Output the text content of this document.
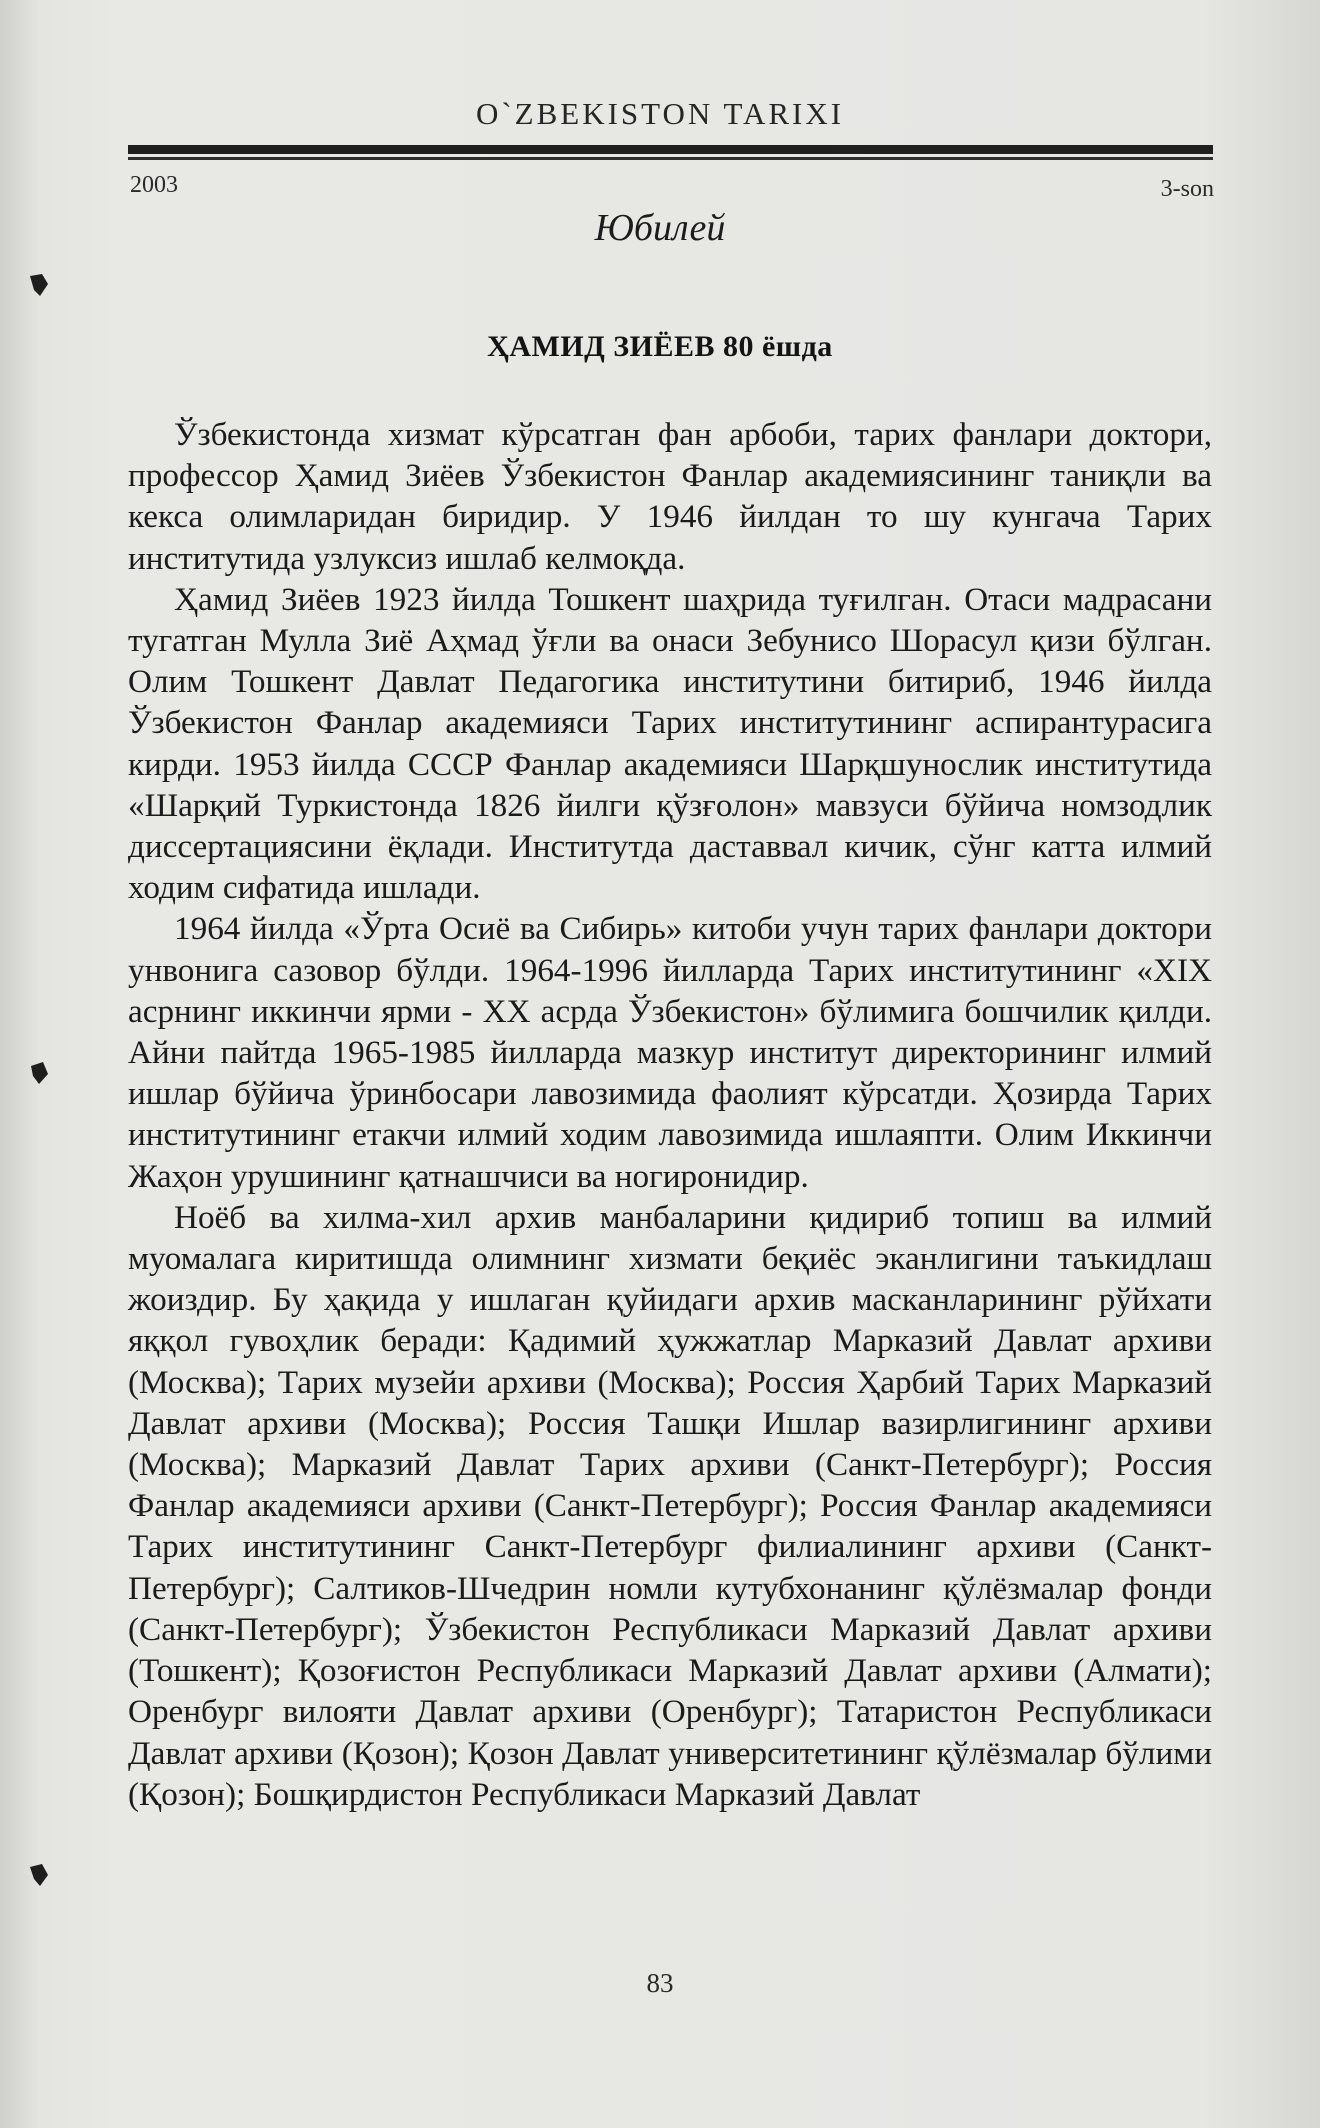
O`ZBEKISTON TARIXI
2003	3-son
Юбилей
ҲАМИД ЗИЁЕВ 80 ёшда

Ўзбекистонда хизмат кўрсатган фан арбоби, тарих фанлари доктори, профессор Ҳамид Зиёев Ўзбекистон Фанлар академиясининг таниқли ва кекса олимларидан биридир. У 1946 йилдан то шу кунгача Тарих институтида узлуксиз ишлаб келмоқда.

Ҳамид Зиёев 1923 йилда Тошкент шаҳрида туғилган. Отаси мадрасани тугатган Мулла Зиё Аҳмад ўғли ва онаси Зебунисо Шорасул қизи бўлган. Олим Тошкент Давлат Педагогика институтини битириб, 1946 йилда Ўзбекистон Фанлар академияси Тарих институтининг аспирантурасига кирди. 1953 йилда СССР Фанлар академияси Шарқшунослик институтида «Шарқий Туркистонда 1826 йилги қўзғолон» мавзуси бўйича номзодлик диссертациясини ёқлади. Институтда даставвал кичик, сўнг катта илмий ходим сифатида ишлади.

1964 йилда «Ўрта Осиё ва Сибирь» китоби учун тарих фанлари доктори унвонига сазовор бўлди. 1964-1996 йилларда Тарих институтининг «XIX асрнинг иккинчи ярми - XX асрда Ўзбекистон» бўлимига бошчилик қилди. Айни пайтда 1965-1985 йилларда мазкур институт директорининг илмий ишлар бўйича ўринбосари лавозимида фаолият кўрсатди. Ҳозирда Тарих институтининг етакчи илмий ходим лавозимида ишлаяпти. Олим Иккинчи Жаҳон урушининг қатнашчиси ва ногиронидир.

Ноёб ва хилма-хил архив манбаларини қидириб топиш ва илмий муомалага киритишда олимнинг хизмати беқиёс эканлигини таъкидлаш жоиздир. Бу ҳақида у ишлаган қуйидаги архив масканларининг рўйхати яққол гувоҳлик беради: Қадимий ҳужжатлар Марказий Давлат архиви (Москва); Тарих музейи архиви (Москва); Россия Ҳарбий Тарих Марказий Давлат архиви (Москва); Россия Ташқи Ишлар вазирлигининг архиви (Москва); Марказий Давлат Тарих архиви (Санкт-Петербург); Россия Фанлар академияси архиви (Санкт-Петербург); Россия Фанлар академияси Тарих институтининг Санкт-Петербург филиалининг архиви (Санкт-Петербург); Салтиков-Шчедрин номли кутубхонанинг қўлёзмалар фонди (Санкт-Петербург); Ўзбекистон Республикаси Марказий Давлат архиви (Тошкент); Қозоғистон Республикаси Марказий Давлат архиви (Алмати); Оренбург вилояти Давлат архиви (Оренбург); Татаристон Республикаси Давлат архиви (Қозон); Қозон Давлат университетининг қўлёзмалар бўлими (Қозон); Бошқирдистон Республикаси Марказий Давлат

83
